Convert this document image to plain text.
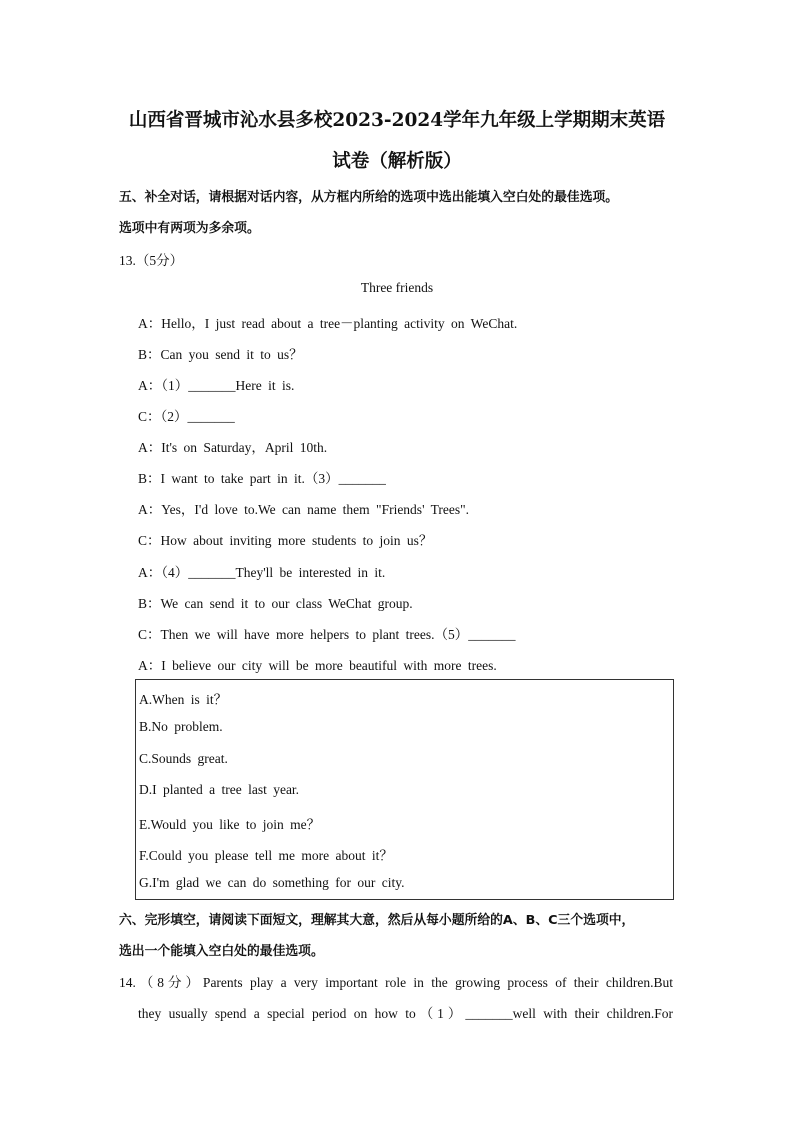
山西省晋城市沁水县多校2023-2024学年九年级上学期期末英语
试卷（解析版）
五、补全对话，请根据对话内容，从方框内所给的选项中选出能填入空白处的最佳选项。
选项中有两项为多余项。
13.（5分）
Three friends
A：Hello，I just read about a tree－planting activity on WeChat.
B：Can you send it to us？
A：（1）_______Here it is.
C：（2）_______
A：It's on Saturday，April 10th.
B：I want to take part in it.（3）_______
A：Yes，I'd love to.We can name them "Friends' Trees".
C：How about inviting more students to join us？
A：（4）_______They'll be interested in it.
B：We can send it to our class WeChat group.
C：Then we will have more helpers to plant trees.（5）_______
A：I believe our city will be more beautiful with more trees.
A.When is it？
B.No problem.
C.Sounds great.
D.I planted a tree last year.
E.Would you like to join me？
F.Could you please tell me more about it？
G.I'm glad we can do something for our city.
六、完形填空，请阅读下面短文，理解其大意，然后从每小题所给的A、B、C三个选项中，
选出一个能填入空白处的最佳选项。
14.（8分）Parents play a very important role in the growing process of their children.But
they usually spend a special period on how to（1）_______well with their children.For
